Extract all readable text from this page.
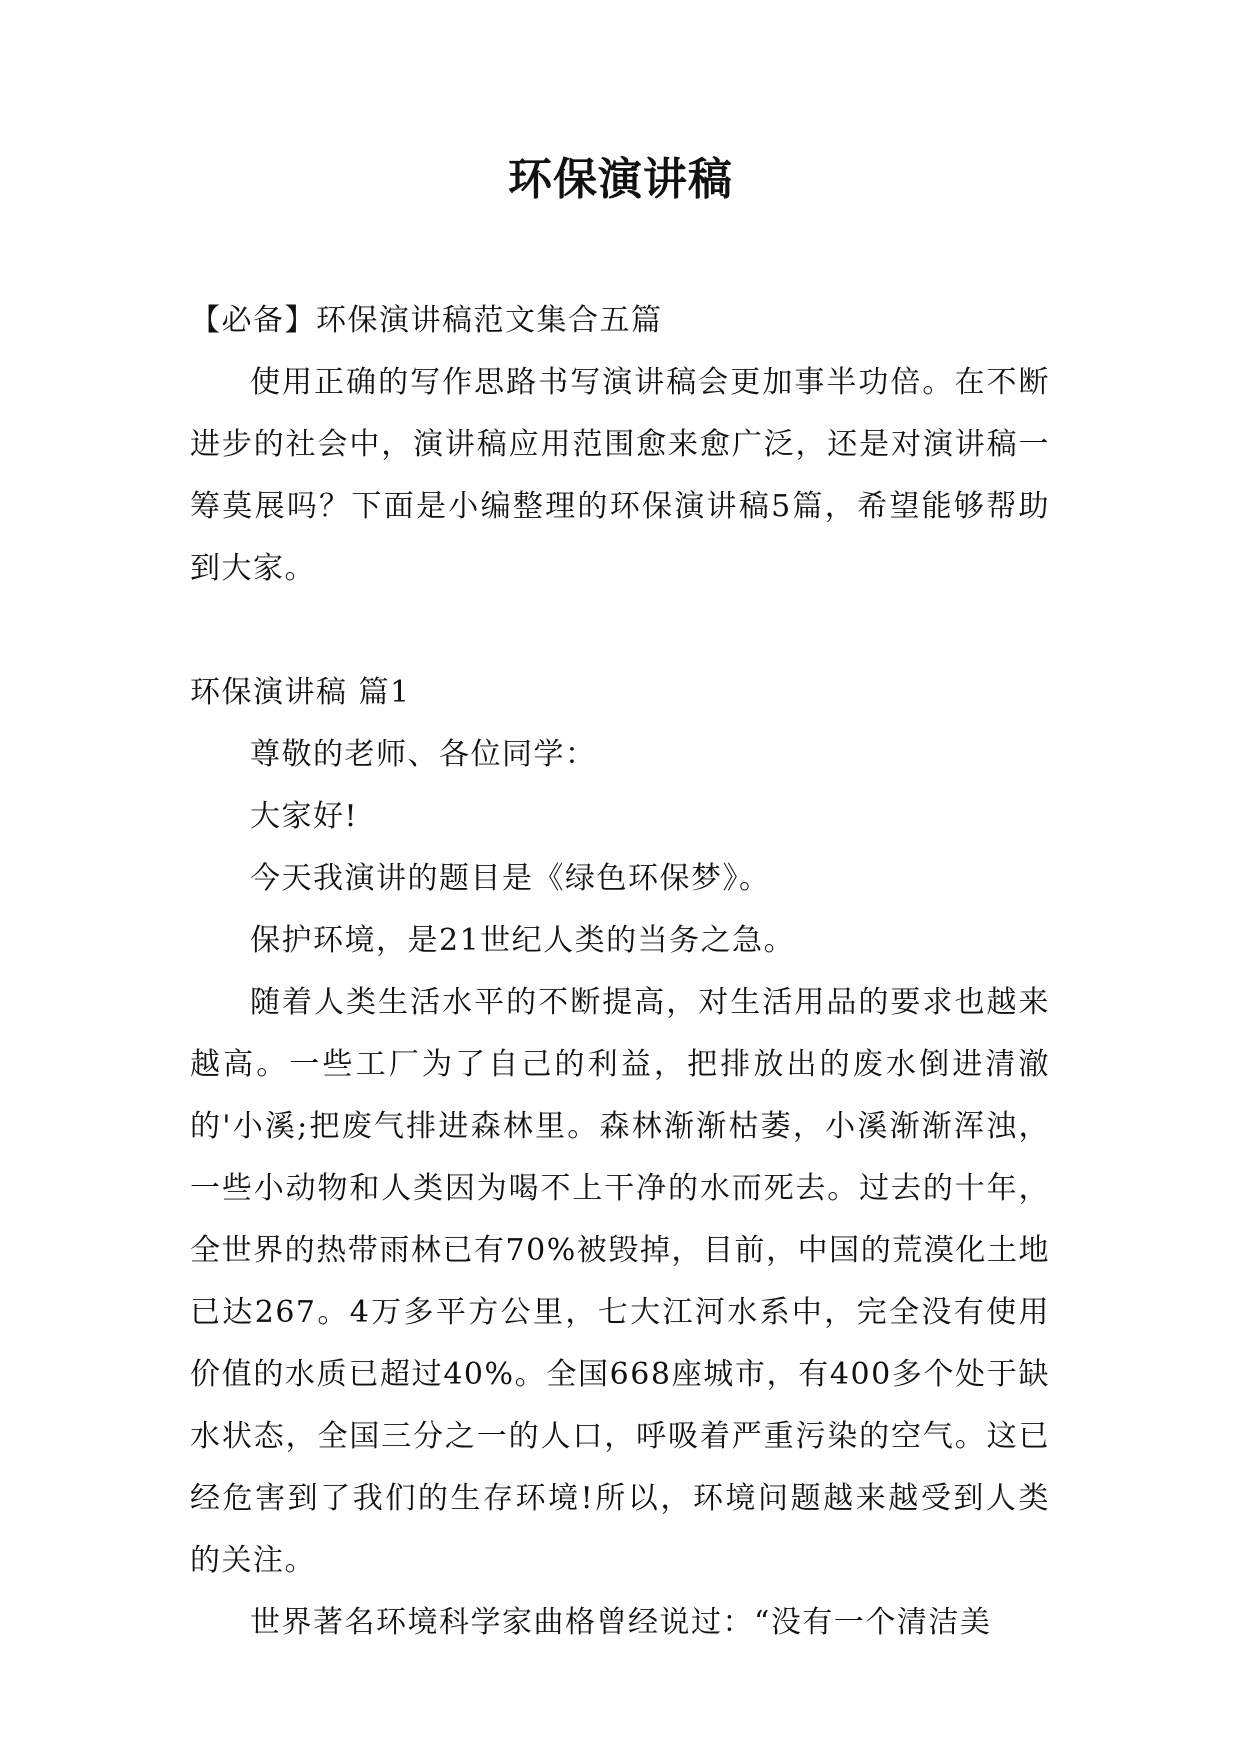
环保演讲稿

【必备】环保演讲稿范文集合五篇

使用正确的写作思路书写演讲稿会更加事半功倍。在不断进步的社会中，演讲稿应用范围愈来愈广泛，还是对演讲稿一筹莫展吗？下面是小编整理的环保演讲稿5篇，希望能够帮助到大家。

环保演讲稿 篇1

尊敬的老师、各位同学：

大家好!

今天我演讲的题目是《绿色环保梦》。

保护环境，是21世纪人类的当务之急。

随着人类生活水平的不断提高，对生活用品的要求也越来越高。一些工厂为了自己的利益，把排放出的废水倒进清澈的'小溪;把废气排进森林里。森林渐渐枯萎，小溪渐渐浑浊，一些小动物和人类因为喝不上干净的水而死去。过去的十年，全世界的热带雨林已有70%被毁掉，目前，中国的荒漠化土地已达267。4万多平方公里，七大江河水系中，完全没有使用价值的水质已超过40%。全国668座城市，有400多个处于缺水状态，全国三分之一的人口，呼吸着严重污染的空气。这已经危害到了我们的生存环境!所以，环境问题越来越受到人类的关注。

世界著名环境科学家曲格曾经说过：“没有一个清洁美
